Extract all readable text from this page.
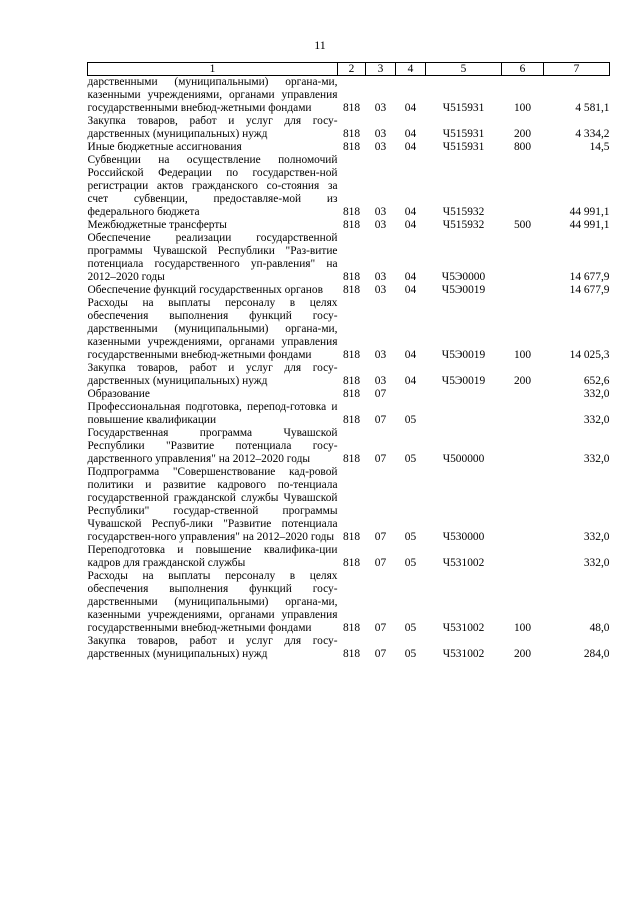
11
1	2	3	4	5	6	7
дарственными (муниципальными) органа-ми, казенными учреждениями, органами управления государственными внебюд-жетными фондами	818	03	04	Ч515931	100	4 581,1
Закупка товаров, работ и услуг для госу-дарственных (муниципальных) нужд	818	03	04	Ч515931	200	4 334,2
Иные бюджетные ассигнования	818	03	04	Ч515931	800	14,5
Субвенции на осуществление полномочий Российской Федерации по государствен-ной регистрации актов гражданского со-стояния за счет субвенции, предоставляе-мой из федерального бюджета	818	03	04	Ч515932		44 991,1
Межбюджетные трансферты	818	03	04	Ч515932	500	44 991,1
Обеспечение реализации государственной программы Чувашской Республики "Раз-витие потенциала государственного уп-равления" на 2012–2020 годы	818	03	04	Ч5Э0000		14 677,9
Обеспечение функций государственных органов	818	03	04	Ч5Э0019		14 677,9
Расходы на выплаты персоналу в целях обеспечения выполнения функций госу-дарственными (муниципальными) органа-ми, казенными учреждениями, органами управления государственными внебюд-жетными фондами	818	03	04	Ч5Э0019	100	14 025,3
Закупка товаров, работ и услуг для госу-дарственных (муниципальных) нужд	818	03	04	Ч5Э0019	200	652,6
Образование	818	07				332,0
Профессиональная подготовка, перепод-готовка и повышение квалификации	818	07	05			332,0
Государственная программа Чувашской Республики "Развитие потенциала госу-дарственного управления" на 2012–2020 годы	818	07	05	Ч500000		332,0
Подпрограмма "Совершенствование кад-ровой политики и развитие кадрового по-тенциала государственной гражданской службы Чувашской Республики" государ-ственной программы Чувашской Респуб-лики "Развитие потенциала государствен-ного управления" на 2012–2020 годы	818	07	05	Ч530000		332,0
Переподготовка и повышение квалифика-ции кадров для гражданской службы	818	07	05	Ч531002		332,0
Расходы на выплаты персоналу в целях обеспечения выполнения функций госу-дарственными (муниципальными) органа-ми, казенными учреждениями, органами управления государственными внебюд-жетными фондами	818	07	05	Ч531002	100	48,0
Закупка товаров, работ и услуг для госу-дарственных (муниципальных) нужд	818	07	05	Ч531002	200	284,0
